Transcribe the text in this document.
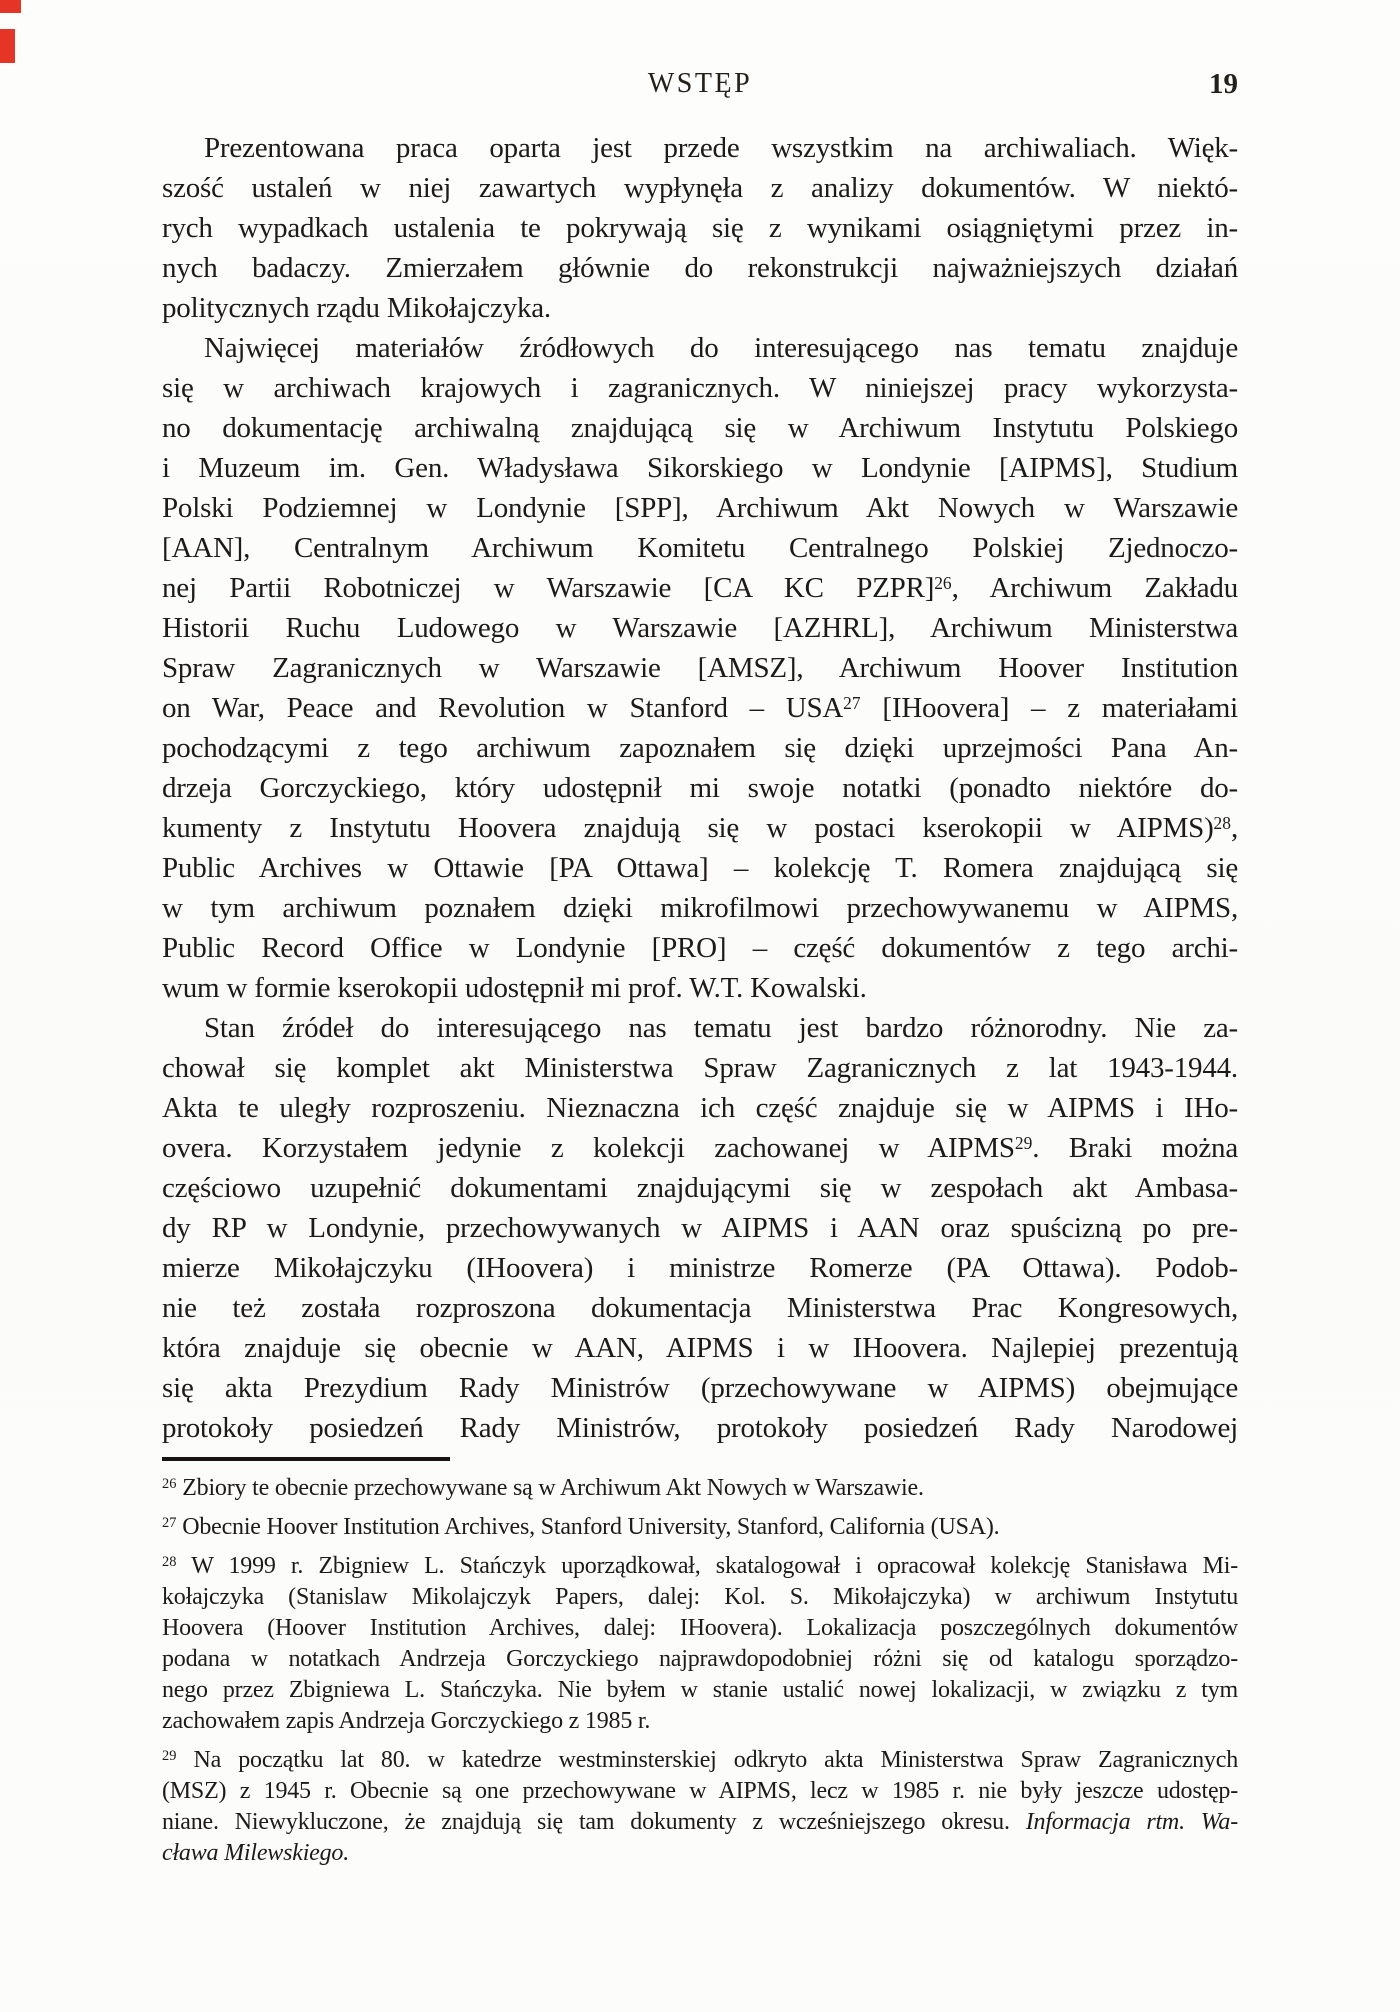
WSTĘP	19
Prezentowana praca oparta jest przede wszystkim na archiwaliach. Więk-
szość ustaleń w niej zawartych wypłynęła z analizy dokumentów. W niektó-
rych wypadkach ustalenia te pokrywają się z wynikami osiągniętymi przez in-
nych badaczy. Zmierzałem głównie do rekonstrukcji najważniejszych działań
politycznych rządu Mikołajczyka.
Najwięcej materiałów źródłowych do interesującego nas tematu znajduje
się w archiwach krajowych i zagranicznych. W niniejszej pracy wykorzysta-
no dokumentację archiwalną znajdującą się w Archiwum Instytutu Polskiego
i Muzeum im. Gen. Władysława Sikorskiego w Londynie [AIPMS], Studium
Polski Podziemnej w Londynie [SPP], Archiwum Akt Nowych w Warszawie
[AAN], Centralnym Archiwum Komitetu Centralnego Polskiej Zjednoczo-
nej Partii Robotniczej w Warszawie [CA KC PZPR]$^{26}$, Archiwum Zakładu
Historii Ruchu Ludowego w Warszawie [AZHRL], Archiwum Ministerstwa
Spraw Zagranicznych w Warszawie [AMSZ], Archiwum Hoover Institution
on War, Peace and Revolution w Stanford – USA$^{27}$ [IHoovera] – z materiałami
pochodzącymi z tego archiwum zapoznałem się dzięki uprzejmości Pana An-
drzeja Gorczyckiego, który udostępnił mi swoje notatki (ponadto niektóre do-
kumenty z Instytutu Hoovera znajdują się w postaci kserokopii w AIPMS)$^{28}$,
Public Archives w Ottawie [PA Ottawa] – kolekcję T. Romera znajdującą się
w tym archiwum poznałem dzięki mikrofilmowi przechowywanemu w AIPMS,
Public Record Office w Londynie [PRO] – część dokumentów z tego archi-
wum w formie kserokopii udostępnił mi prof. W.T. Kowalski.
Stan źródeł do interesującego nas tematu jest bardzo różnorodny. Nie za-
chował się komplet akt Ministerstwa Spraw Zagranicznych z lat 1943-1944.
Akta te uległy rozproszeniu. Nieznaczna ich część znajduje się w AIPMS i IHo-
overa. Korzystałem jedynie z kolekcji zachowanej w AIPMS$^{29}$. Braki można
częściowo uzupełnić dokumentami znajdującymi się w zespołach akt Ambasa-
dy RP w Londynie, przechowywanych w AIPMS i AAN oraz spuścizną po pre-
mierze Mikołajczyku (IHoovera) i ministrze Romerze (PA Ottawa). Podob-
nie też została rozproszona dokumentacja Ministerstwa Prac Kongresowych,
która znajduje się obecnie w AAN, AIPMS i w IHoovera. Najlepiej prezentują
się akta Prezydium Rady Ministrów (przechowywane w AIPMS) obejmujące
protokoły posiedzeń Rady Ministrów, protokoły posiedzeń Rady Narodowej
$^{26}$ Zbiory te obecnie przechowywane są w Archiwum Akt Nowych w Warszawie.
$^{27}$ Obecnie Hoover Institution Archives, Stanford University, Stanford, California (USA).
$^{28}$ W 1999 r. Zbigniew L. Stańczyk uporządkował, skatalogował i opracował kolekcję Stanisława Mi-
kołajczyka (Stanislaw Mikolajczyk Papers, dalej: Kol. S. Mikołajczyka) w archiwum Instytutu
Hoovera (Hoover Institution Archives, dalej: IHoovera). Lokalizacja poszczególnych dokumentów
podana w notatkach Andrzeja Gorczyckiego najprawdopodobniej różni się od katalogu sporządzo-
nego przez Zbigniewa L. Stańczyka. Nie byłem w stanie ustalić nowej lokalizacji, w związku z tym
zachowałem zapis Andrzeja Gorczyckiego z 1985 r.
$^{29}$ Na początku lat 80. w katedrze westminsterskiej odkryto akta Ministerstwa Spraw Zagranicznych
(MSZ) z 1945 r. Obecnie są one przechowywane w AIPMS, lecz w 1985 r. nie były jeszcze udostęp-
niane. Niewykluczone, że znajdują się tam dokumenty z wcześniejszego okresu. Informacja rtm. Wa-
cława Milewskiego.
